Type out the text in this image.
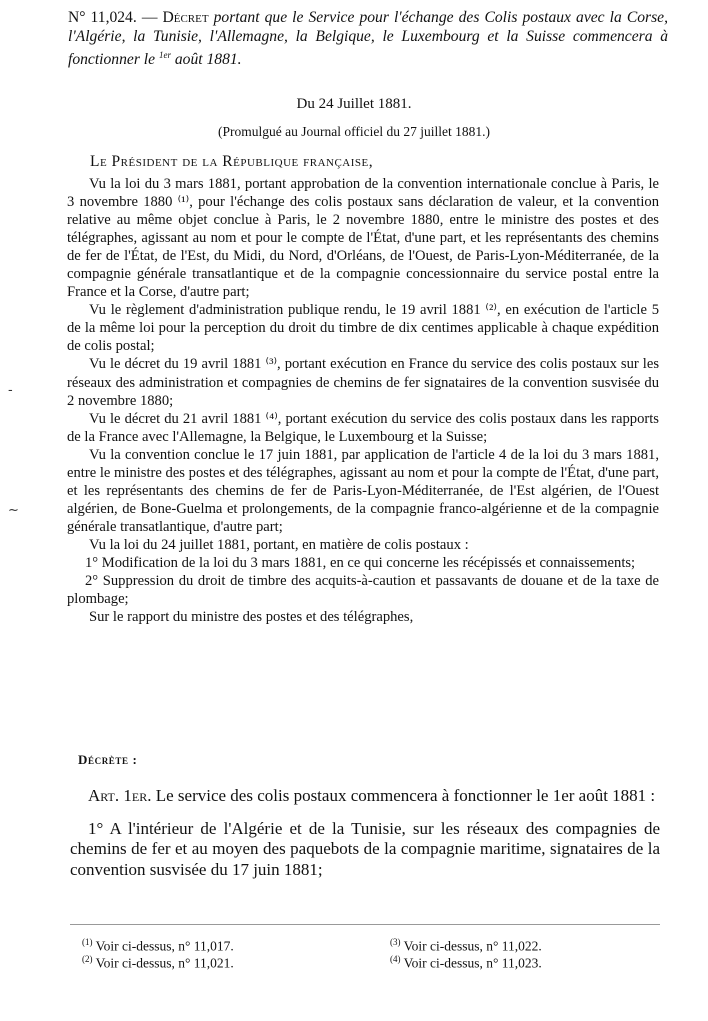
N° 11,024. — Décret portant que le Service pour l'échange des Colis postaux avec la Corse, l'Algérie, la Tunisie, l'Allemagne, la Belgique, le Luxembourg et la Suisse commencera à fonctionner le $^{1er}$ août 1881.
Du 24 Juillet 1881.
(Promulgué au Journal officiel du 27 juillet 1881.)
Le Président de la République française,

Vu la loi du 3 mars 1881, portant approbation de la convention internationale conclue à Paris, le 3 novembre 1880 ⁽¹⁾, pour l'échange des colis postaux sans déclaration de valeur, et la convention relative au même objet conclue à Paris, le 2 novembre 1880, entre le ministre des postes et des télégraphes, agissant au nom et pour le compte de l'État, d'une part, et les représentants des chemins de fer de l'État, de l'Est, du Midi, du Nord, d'Orléans, de l'Ouest, de Paris-Lyon-Méditerranée, de la compagnie générale transatlantique et de la compagnie concessionnaire du service postal entre la France et la Corse, d'autre part;

Vu le règlement d'administration publique rendu, le 19 avril 1881 ⁽²⁾, en exécution de l'article 5 de la même loi pour la perception du droit du timbre de dix centimes applicable à chaque expédition de colis postal;

Vu le décret du 19 avril 1881 ⁽³⁾, portant exécution en France du service des colis postaux sur les réseaux des administration et compagnies de chemins de fer signataires de la convention susvisée du 2 novembre 1880;

Vu le décret du 21 avril 1881 ⁽⁴⁾, portant exécution du service des colis postaux dans les rapports de la France avec l'Allemagne, la Belgique, le Luxembourg et la Suisse;

Vu la convention conclue le 17 juin 1881, par application de l'article 4 de la loi du 3 mars 1881, entre le ministre des postes et des télégraphes, agissant au nom et pour la compte de l'État, d'une part, et les représentants des chemins de fer de Paris-Lyon-Méditerranée, de l'Est algérien, de l'Ouest algérien, de Bone-Guelma et prolongements, de la compagnie franco-algérienne et de la compagnie générale transatlantique, d'autre part;

Vu la loi du 24 juillet 1881, portant, en matière de colis postaux :

1° Modification de la loi du 3 mars 1881, en ce qui concerne les récépissés et connaissements;

2° Suppression du droit de timbre des acquits-à-caution et passavants de douane et de la taxe de plombage;

Sur le rapport du ministre des postes et des télégraphes,

-
~
Décrète :

Art. 1er. Le service des colis postaux commencera à fonctionner le 1er août 1881 :

1° A l'intérieur de l'Algérie et de la Tunisie, sur les réseaux des compagnies de chemins de fer et au moyen des paquebots de la compagnie maritime, signataires de la convention susvisée du 17 juin 1881;

$^{(1)}$ Voir ci-dessus, n° 11,017.
$^{(2)}$ Voir ci-dessus, n° 11,021.
$^{(3)}$ Voir ci-dessus, n° 11,022.
$^{(4)}$ Voir ci-dessus, n° 11,023.
